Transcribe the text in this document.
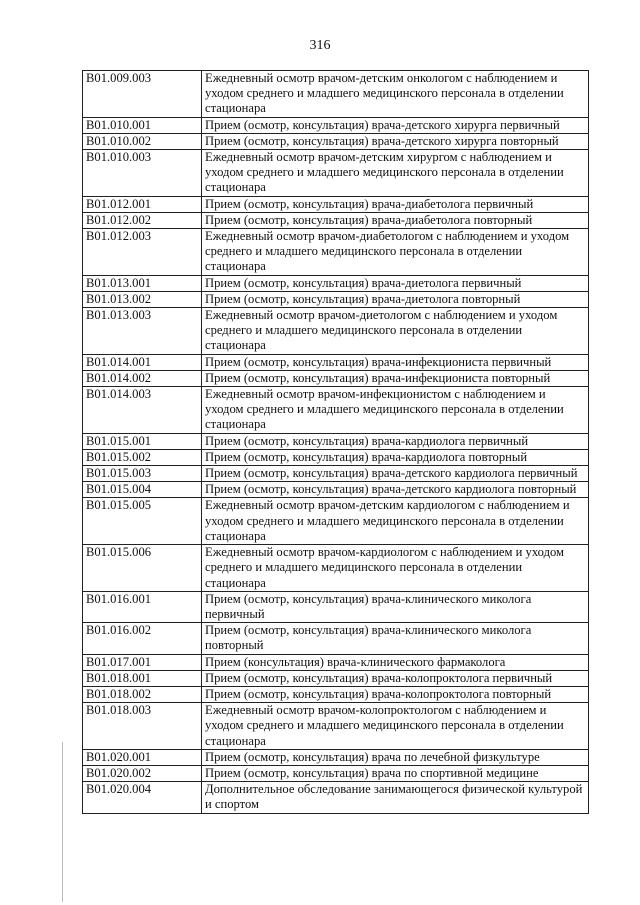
316
B01.009.003	Ежедневный осмотр врачом-детским онкологом с наблюдением и уходом среднего и младшего медицинского персонала в отделении стационара
B01.010.001	Прием (осмотр, консультация) врача-детского хирурга первичный
B01.010.002	Прием (осмотр, консультация) врача-детского хирурга повторный
B01.010.003	Ежедневный осмотр врачом-детским хирургом с наблюдением и уходом среднего и младшего медицинского персонала в отделении стационара
B01.012.001	Прием (осмотр, консультация) врача-диабетолога первичный
B01.012.002	Прием (осмотр, консультация) врача-диабетолога повторный
B01.012.003	Ежедневный осмотр врачом-диабетологом с наблюдением и уходом среднего и младшего медицинского персонала в отделении стационара
B01.013.001	Прием (осмотр, консультация) врача-диетолога первичный
B01.013.002	Прием (осмотр, консультация) врача-диетолога повторный
B01.013.003	Ежедневный осмотр врачом-диетологом с наблюдением и уходом среднего и младшего медицинского персонала в отделении стационара
B01.014.001	Прием (осмотр, консультация) врача-инфекциониста первичный
B01.014.002	Прием (осмотр, консультация) врача-инфекциониста повторный
B01.014.003	Ежедневный осмотр врачом-инфекционистом с наблюдением и уходом среднего и младшего медицинского персонала в отделении стационара
B01.015.001	Прием (осмотр, консультация) врача-кардиолога первичный
B01.015.002	Прием (осмотр, консультация) врача-кардиолога повторный
B01.015.003	Прием (осмотр, консультация) врача-детского кардиолога первичный
B01.015.004	Прием (осмотр, консультация) врача-детского кардиолога повторный
B01.015.005	Ежедневный осмотр врачом-детским кардиологом с наблюдением и уходом среднего и младшего медицинского персонала в отделении стационара
B01.015.006	Ежедневный осмотр врачом-кардиологом с наблюдением и уходом среднего и младшего медицинского персонала в отделении стационара
B01.016.001	Прием (осмотр, консультация) врача-клинического миколога первичный
B01.016.002	Прием (осмотр, консультация) врача-клинического миколога повторный
B01.017.001	Прием (консультация) врача-клинического фармаколога
B01.018.001	Прием (осмотр, консультация) врача-колопроктолога первичный
B01.018.002	Прием (осмотр, консультация) врача-колопроктолога повторный
B01.018.003	Ежедневный осмотр врачом-колопроктологом с наблюдением и уходом среднего и младшего медицинского персонала в отделении стационара
B01.020.001	Прием (осмотр, консультация) врача по лечебной физкультуре
B01.020.002	Прием (осмотр, консультация) врача по спортивной медицине
B01.020.004	Дополнительное обследование занимающегося физической культурой и спортом
